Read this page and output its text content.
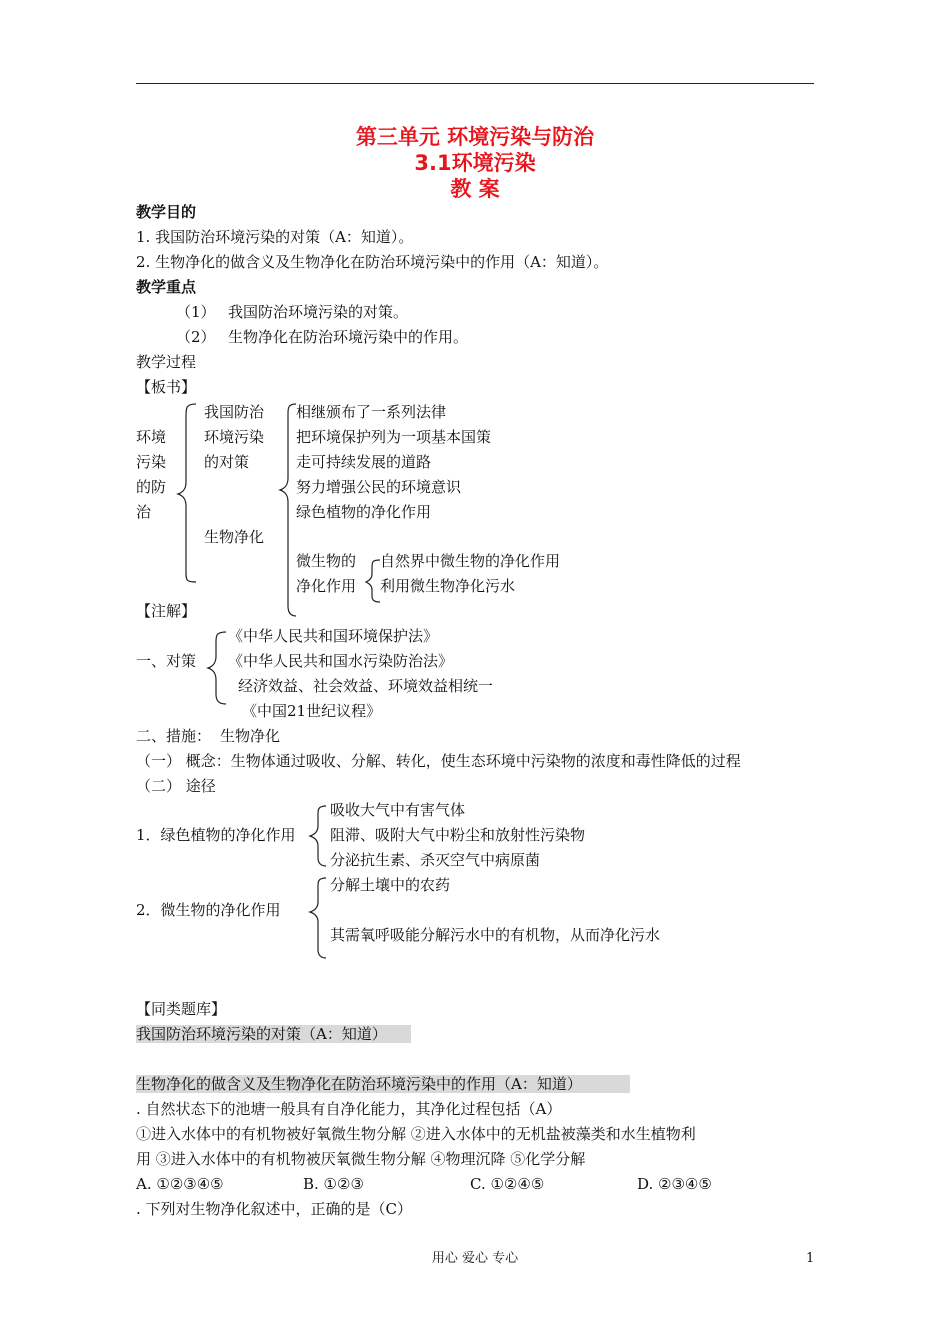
第三单元 环境污染与防治
3.1环境污染
教 案
教学目的
1. 我国防治环境污染的对策（A：知道）。
2. 生物净化的做含义及生物净化在防治环境污染中的作用（A：知道）。
教学重点
（1） 我国防治环境污染的对策。
（2） 生物净化在防治环境污染中的作用。
教学过程
【板书】
环境
污染
的防
治
我国防治
环境污染
的对策
生物净化
相继颁布了一系列法律
把环境保护列为一项基本国策
走可持续发展的道路
努力增强公民的环境意识
绿色植物的净化作用
微生物的
净化作用
自然界中微生物的净化作用
利用微生物净化污水
【注解】
一、对策
《中华人民共和国环境保护法》
《中华人民共和国水污染防治法》
经济效益、社会效益、环境效益相统一
《中国21世纪议程》
二、措施： 生物净化
（一） 概念：生物体通过吸收、分解、转化，使生态环境中污染物的浓度和毒性降低的过程
（二） 途径
1．绿色植物的净化作用
吸收大气中有害气体
阻滞、吸附大气中粉尘和放射性污染物
分泌抗生素、杀灭空气中病原菌
2．微生物的净化作用
分解土壤中的农药
其需氧呼吸能分解污水中的有机物，从而净化污水
【同类题库】
我国防治环境污染的对策（A：知道）
生物净化的做含义及生物净化在防治环境污染中的作用（A：知道）
. 自然状态下的池塘一般具有自净化能力，其净化过程包括（A）
①进入水体中的有机物被好氧微生物分解 ②进入水体中的无机盐被藻类和水生植物利
用 ③进入水体中的有机物被厌氧微生物分解 ④物理沉降 ⑤化学分解
A. ①②③④⑤	B. ①②③	C. ①②④⑤	D. ②③④⑤
. 下列对生物净化叙述中，正确的是（C）
用心 爱心 专心	1
